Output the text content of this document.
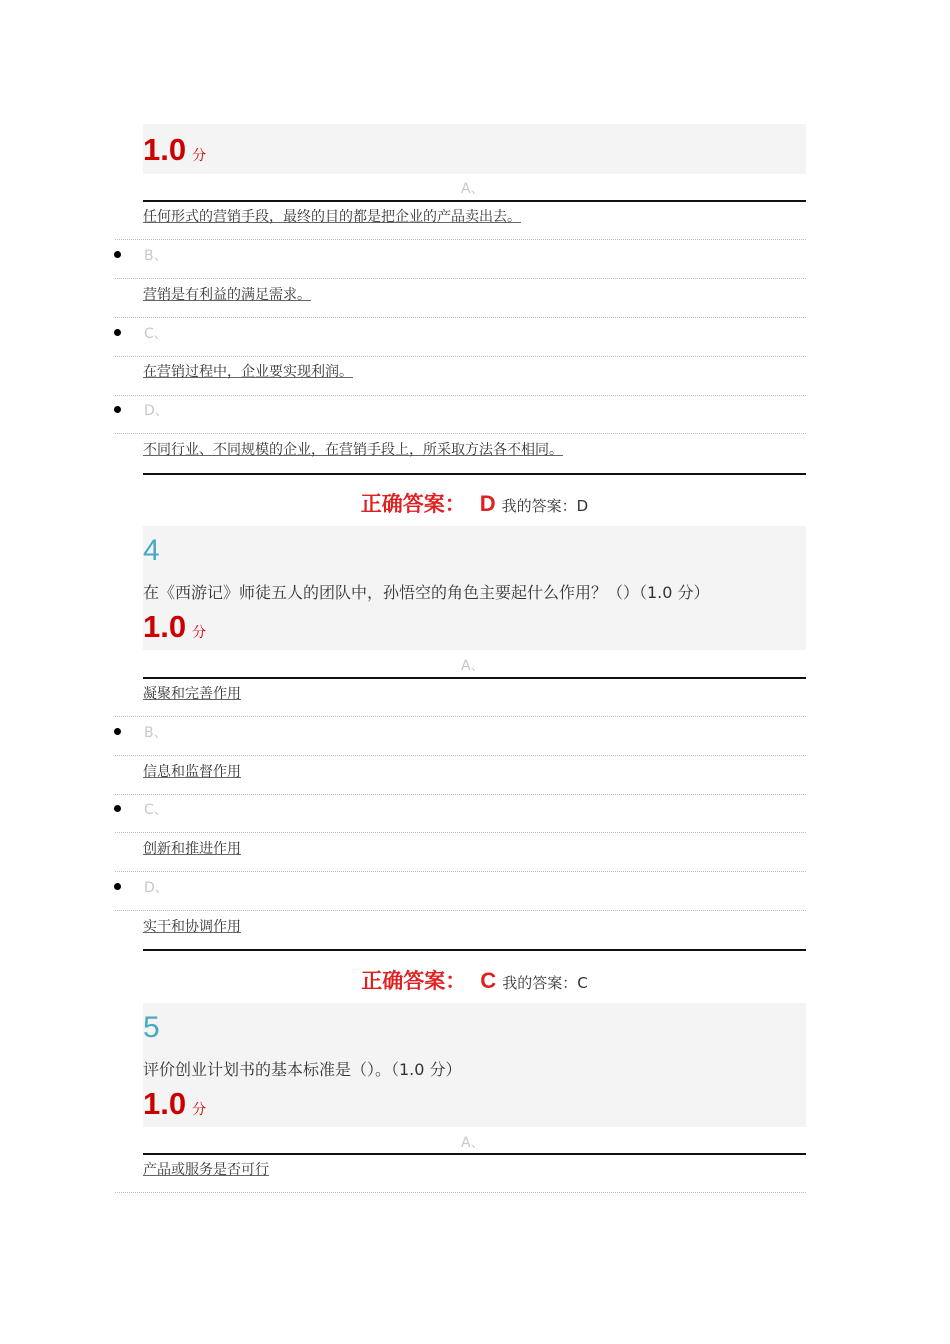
1.0 分
A、
任何形式的营销手段，最终的目的都是把企业的产品卖出去。
B、
营销是有利益的满足需求。
C、
在营销过程中，企业要实现利润。
D、
不同行业、不同规模的企业，在营销手段上，所采取方法各不相同。
正确答案： D 我的答案：D
4
在《西游记》师徒五人的团队中，孙悟空的角色主要起什么作用？（）（1.0 分）
1.0 分
A、
凝聚和完善作用
B、
信息和监督作用
C、
创新和推进作用
D、
实干和协调作用
正确答案： C 我的答案：C
5
评价创业计划书的基本标准是（）。（1.0 分）
1.0 分
A、
产品或服务是否可行
